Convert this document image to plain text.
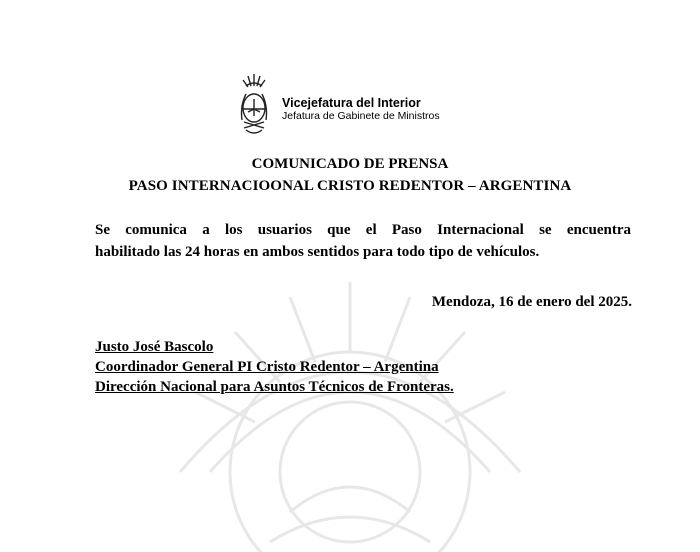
Vicejefatura del Interior
Jefatura de Gabinete de Ministros
COMUNICADO DE PRENSA
PASO INTERNACIOONAL CRISTO REDENTOR – ARGENTINA
Se comunica a los usuarios que el Paso Internacional se encuentra
habilitado las 24 horas en ambos sentidos para todo tipo de vehículos.
Mendoza, 16 de enero del 2025.
Justo José Bascolo
Coordinador General PI Cristo Redentor – Argentina
Dirección Nacional para Asuntos Técnicos de Fronteras.
